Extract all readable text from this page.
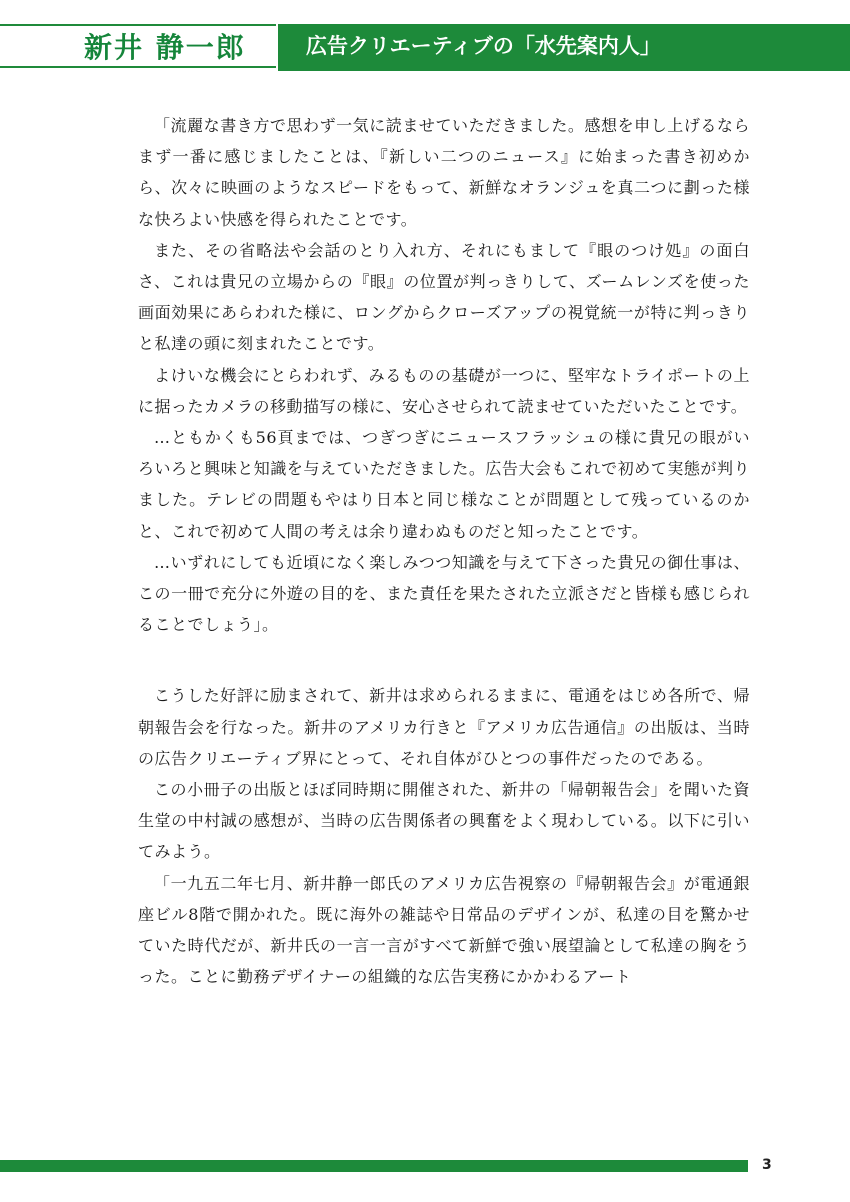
新井 静一郎	広告クリエーティブの「水先案内人」

「流麗な書き方で思わず一気に読ませていただきました。感想を申し上げるならまず一番に感じましたことは、『新しい二つのニュース』に始まった書き初めから、次々に映画のようなスピードをもって、新鮮なオランジュを真二つに劃った様な快ろよい快感を得られたことです。

また、その省略法や会話のとり入れ方、それにもまして『眼のつけ処』の面白さ、これは貴兄の立場からの『眼』の位置が判っきりして、ズームレンズを使った画面効果にあらわれた様に、ロングからクローズアップの視覚統一が特に判っきりと私達の頭に刻まれたことです。

よけいな機会にとらわれず、みるものの基礎が一つに、堅牢なトライポートの上に据ったカメラの移動描写の様に、安心させられて読ませていただいたことです。

…ともかくも56頁までは、つぎつぎにニュースフラッシュの様に貴兄の眼がいろいろと興味と知識を与えていただきました。広告大会もこれで初めて実態が判りました。テレビの問題もやはり日本と同じ様なことが問題として残っているのかと、これで初めて人間の考えは余り違わぬものだと知ったことです。

…いずれにしても近頃になく楽しみつつ知識を与えて下さった貴兄の御仕事は、この一冊で充分に外遊の目的を、また責任を果たされた立派さだと皆様も感じられることでしょう」。

こうした好評に励まされて、新井は求められるままに、電通をはじめ各所で、帰朝報告会を行なった。新井のアメリカ行きと『アメリカ広告通信』の出版は、当時の広告クリエーティブ界にとって、それ自体がひとつの事件だったのである。

この小冊子の出版とほぼ同時期に開催された、新井の「帰朝報告会」を聞いた資生堂の中村誠の感想が、当時の広告関係者の興奮をよく現わしている。以下に引いてみよう。

「一九五二年七月、新井静一郎氏のアメリカ広告視察の『帰朝報告会』が電通銀座ビル8階で開かれた。既に海外の雑誌や日常品のデザインが、私達の目を驚かせていた時代だが、新井氏の一言一言がすべて新鮮で強い展望論として私達の胸をうった。ことに勤務デザイナーの組織的な広告実務にかかわるアート

3
